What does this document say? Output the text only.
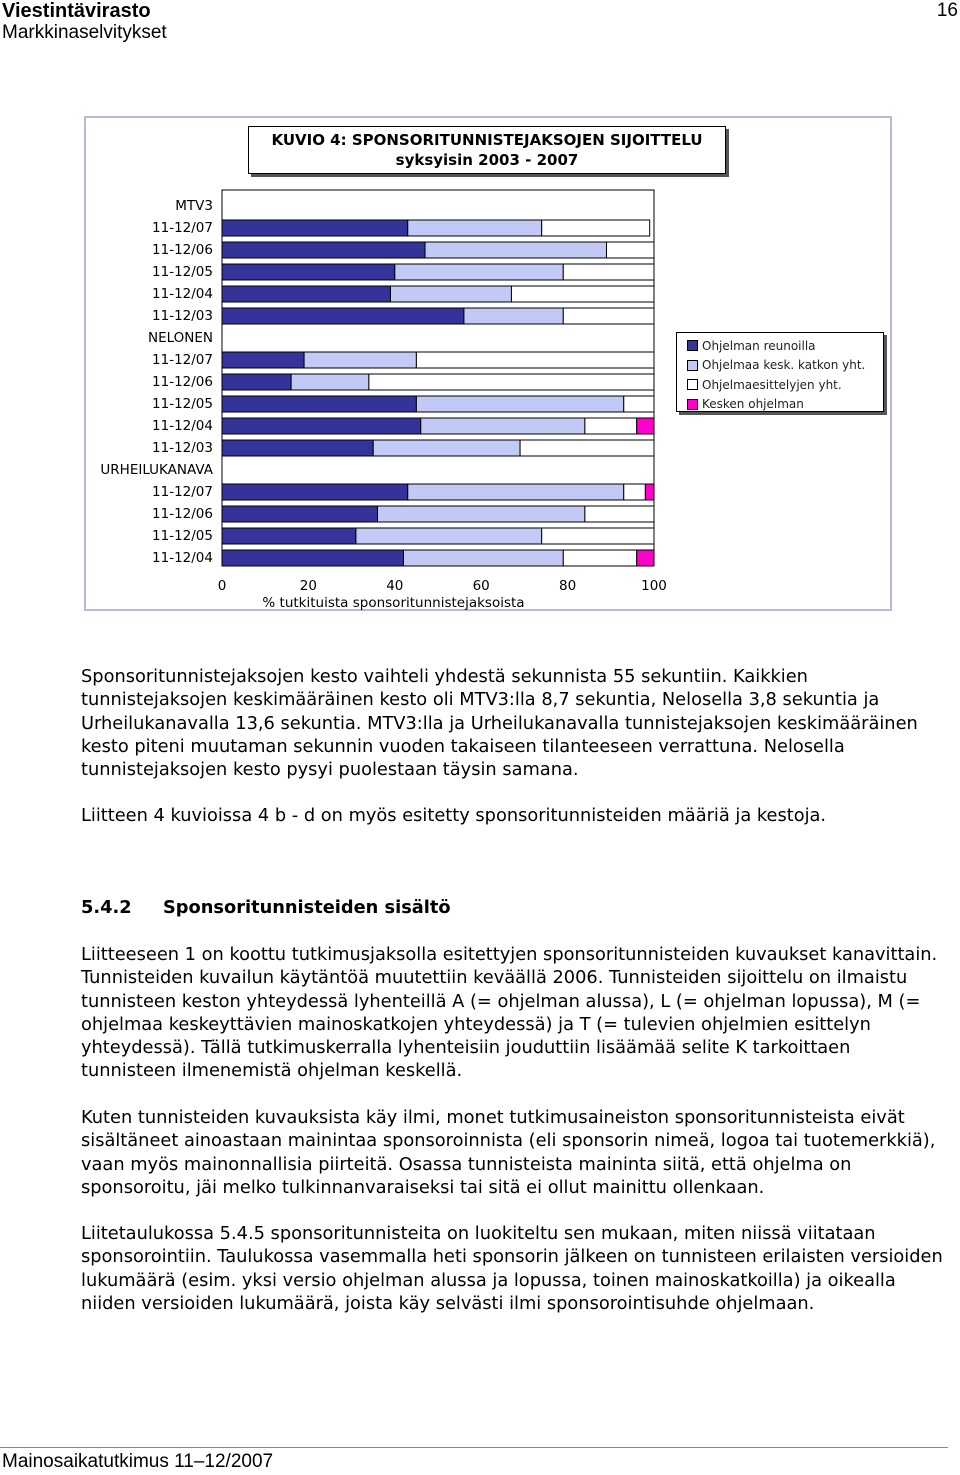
Viestintävirasto
Markkinaselvitykset
16
KUVIO 4: SPONSORITUNNISTEJAKSOJEN SIJOITTELU
syksyisin 2003 - 2007
MTV3
11-12/07
11-12/06
11-12/05
11-12/04
11-12/03
NELONEN
11-12/07
11-12/06
11-12/05
11-12/04
11-12/03
URHEILUKANAVA
11-12/07
11-12/06
11-12/05
11-12/04
0	20	40	60	80	100
% tutkituista sponsoritunnistejaksoista
Ohjelman reunoilla
Ohjelmaa kesk. katkon yht.
Ohjelmaesittelyjen yht.
Kesken ohjelman

Sponsoritunnistejaksojen kesto vaihteli yhdestä sekunnista 55 sekuntiin. Kaikkien tunnistejaksojen keskimääräinen kesto oli MTV3:lla 8,7 sekuntia, Nelosella 3,8 sekuntia ja Urheilukanavalla 13,6 sekuntia. MTV3:lla ja Urheilukanavalla tunnistejaksojen keskimääräinen kesto piteni muutaman sekunnin vuoden takaiseen tilanteeseen verrattuna. Nelosella tunnistejaksojen kesto pysyi puolestaan täysin samana.

Liitteen 4 kuvioissa 4 b - d on myös esitetty sponsoritunnisteiden määriä ja kestoja.

5.4.2 Sponsoritunnisteiden sisältö

Liitteeseen 1 on koottu tutkimusjaksolla esitettyjen sponsoritunnisteiden kuvaukset kanavittain. Tunnisteiden kuvailun käytäntöä muutettiin keväällä 2006. Tunnisteiden sijoittelu on ilmaistu tunnisteen keston yhteydessä lyhenteillä A (= ohjelman alussa), L (= ohjelman lopussa), M (= ohjelmaa keskeyttävien mainoskatkojen yhteydessä) ja T (= tulevien ohjelmien esittelyn yhteydessä). Tällä tutkimuskerralla lyhenteisiin jouduttiin lisäämää selite K tarkoittaen tunnisteen ilmenemistä ohjelman keskellä.

Kuten tunnisteiden kuvauksista käy ilmi, monet tutkimusaineiston sponsoritunnisteista eivät sisältäneet ainoastaan mainintaa sponsoroinnista (eli sponsorin nimeä, logoa tai tuotemerkkiä), vaan myös mainonnallisia piirteitä. Osassa tunnisteista maininta siitä, että ohjelma on sponsoroitu, jäi melko tulkinnanvaraiseksi tai sitä ei ollut mainittu ollenkaan.

Liitetaulukossa 5.4.5 sponsoritunnisteita on luokiteltu sen mukaan, miten niissä viitataan sponsorointiin. Taulukossa vasemmalla heti sponsorin jälkeen on tunnisteen erilaisten versioiden lukumäärä (esim. yksi versio ohjelman alussa ja lopussa, toinen mainoskatkoilla) ja oikealla niiden versioiden lukumäärä, joista käy selvästi ilmi sponsorointisuhde ohjelmaan.

Mainosaikatutkimus 11–12/2007
